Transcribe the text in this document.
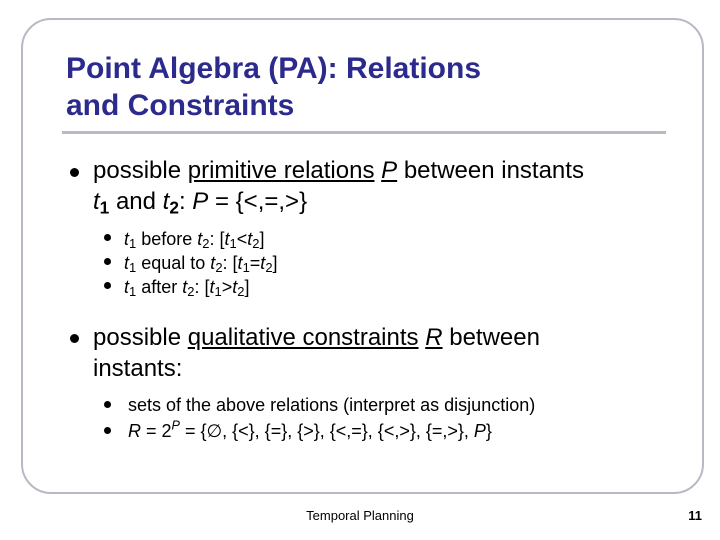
Point Algebra (PA): Relations
and Constraints
possible primitive relations P between instants
$t_1$ and $t_2$: P = {<,=,>}
$t_1$ before $t_2$: $[t_1<t_2]$
$t_1$ equal to $t_2$: $[t_1=t_2]$
$t_1$ after $t_2$: $[t_1>t_2]$
possible qualitative constraints R between
instants:
sets of the above relations (interpret as disjunction)
$R = 2^P$ = {∅, {<}, {=}, {>}, {<,=}, {<,>}, {=,>}, P}
Temporal Planning	11
